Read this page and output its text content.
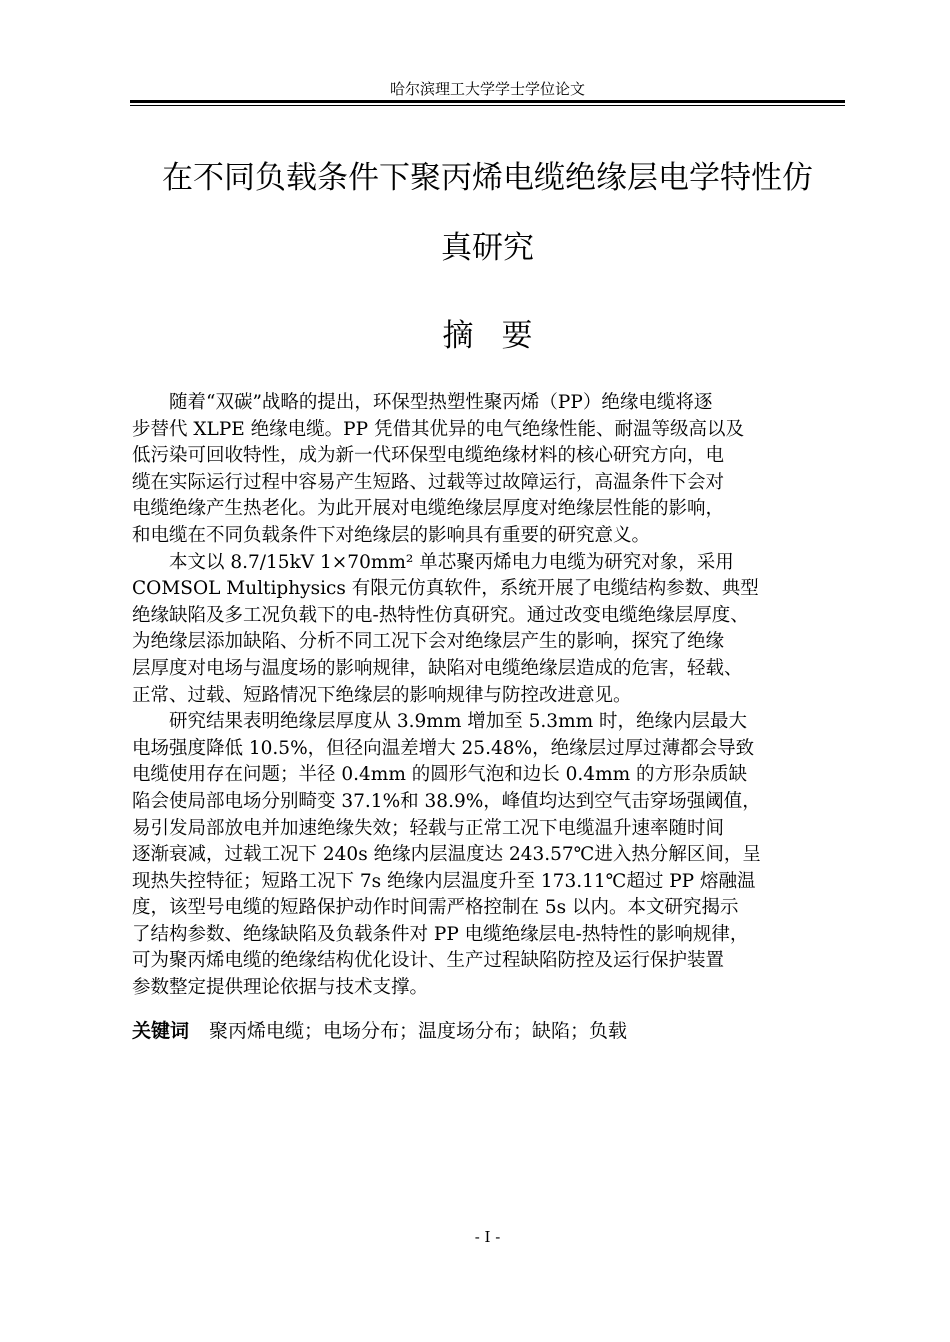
哈尔滨理工大学学士学位论文
在不同负载条件下聚丙烯电缆绝缘层电学特性仿
真研究
摘要

随着“双碳”战略的提出，环保型热塑性聚丙烯（PP）绝缘电缆将逐
步替代 XLPE 绝缘电缆。PP 凭借其优异的电气绝缘性能、耐温等级高以及
低污染可回收特性，成为新一代环保型电缆绝缘材料的核心研究方向，电
缆在实际运行过程中容易产生短路、过载等过故障运行，高温条件下会对
电缆绝缘产生热老化。为此开展对电缆绝缘层厚度对绝缘层性能的影响，
和电缆在不同负载条件下对绝缘层的影响具有重要的研究意义。

本文以 8.7/15kV 1×70mm² 单芯聚丙烯电力电缆为研究对象，采用
COMSOL Multiphysics 有限元仿真软件，系统开展了电缆结构参数、典型
绝缘缺陷及多工况负载下的电-热特性仿真研究。通过改变电缆绝缘层厚度、
为绝缘层添加缺陷、分析不同工况下会对绝缘层产生的影响，探究了绝缘
层厚度对电场与温度场的影响规律，缺陷对电缆绝缘层造成的危害，轻载、
正常、过载、短路情况下绝缘层的影响规律与防控改进意见。

研究结果表明绝缘层厚度从 3.9mm 增加至 5.3mm 时，绝缘内层最大
电场强度降低 10.5%，但径向温差增大 25.48%，绝缘层过厚过薄都会导致
电缆使用存在问题；半径 0.4mm 的圆形气泡和边长 0.4mm 的方形杂质缺
陷会使局部电场分别畸变 37.1%和 38.9%，峰值均达到空气击穿场强阈值，
易引发局部放电并加速绝缘失效；轻载与正常工况下电缆温升速率随时间
逐渐衰减，过载工况下 240s 绝缘内层温度达 243.57℃进入热分解区间，呈
现热失控特征；短路工况下 7s 绝缘内层温度升至 173.11℃超过 PP 熔融温
度，该型号电缆的短路保护动作时间需严格控制在 5s 以内。本文研究揭示
了结构参数、绝缘缺陷及负载条件对 PP 电缆绝缘层电-热特性的影响规律，
可为聚丙烯电缆的绝缘结构优化设计、生产过程缺陷防控及运行保护装置
参数整定提供理论依据与技术支撑。

关键词 聚丙烯电缆；电场分布；温度场分布；缺陷；负载
- I -
